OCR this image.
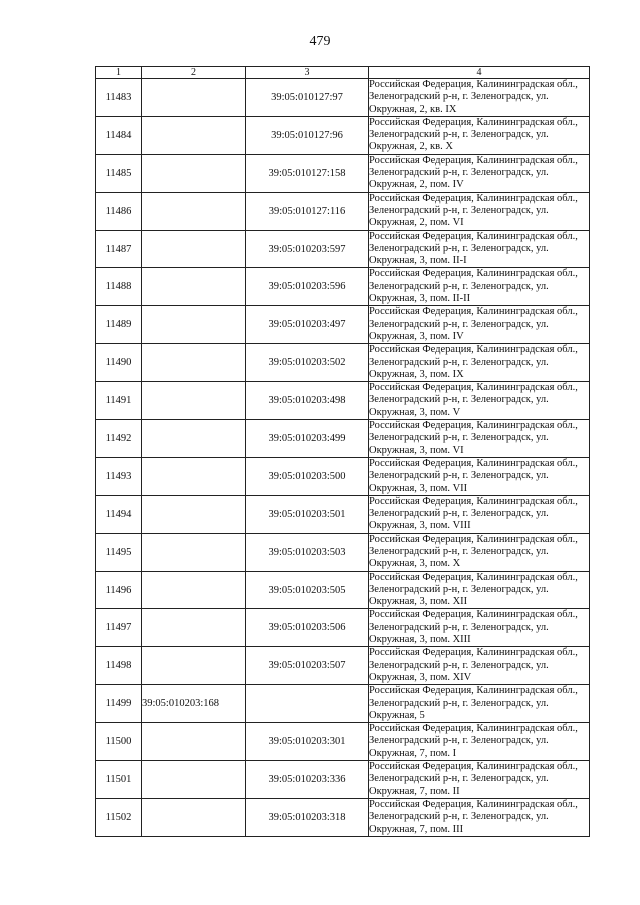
479
1	2	3	4
11483		39:05:010127:97	Российская Федерация, Калининградская обл.,
Зеленоградский р-н, г. Зеленоградск, ул.
Окружная, 2, кв. IX

11484		39:05:010127:96	Российская Федерация, Калининградская обл.,
Зеленоградский р-н, г. Зеленоградск, ул.
Окружная, 2, кв. X

11485		39:05:010127:158	Российская Федерация, Калининградская обл.,
Зеленоградский р-н, г. Зеленоградск, ул.
Окружная, 2, пом. IV

11486		39:05:010127:116	Российская Федерация, Калининградская обл.,
Зеленоградский р-н, г. Зеленоградск, ул.
Окружная, 2, пом. VI

11487		39:05:010203:597	Российская Федерация, Калининградская обл.,
Зеленоградский р-н, г. Зеленоградск, ул.
Окружная, 3, пом. II-I

11488		39:05:010203:596	Российская Федерация, Калининградская обл.,
Зеленоградский р-н, г. Зеленоградск, ул.
Окружная, 3, пом. II-II

11489		39:05:010203:497	Российская Федерация, Калининградская обл.,
Зеленоградский р-н, г. Зеленоградск, ул.
Окружная, 3, пом. IV

11490		39:05:010203:502	Российская Федерация, Калининградская обл.,
Зеленоградский р-н, г. Зеленоградск, ул.
Окружная, 3, пом. IX

11491		39:05:010203:498	Российская Федерация, Калининградская обл.,
Зеленоградский р-н, г. Зеленоградск, ул.
Окружная, 3, пом. V

11492		39:05:010203:499	Российская Федерация, Калининградская обл.,
Зеленоградский р-н, г. Зеленоградск, ул.
Окружная, 3, пом. VI

11493		39:05:010203:500	Российская Федерация, Калининградская обл.,
Зеленоградский р-н, г. Зеленоградск, ул.
Окружная, 3, пом. VII

11494		39:05:010203:501	Российская Федерация, Калининградская обл.,
Зеленоградский р-н, г. Зеленоградск, ул.
Окружная, 3, пом. VIII

11495		39:05:010203:503	Российская Федерация, Калининградская обл.,
Зеленоградский р-н, г. Зеленоградск, ул.
Окружная, 3, пом. X

11496		39:05:010203:505	Российская Федерация, Калининградская обл.,
Зеленоградский р-н, г. Зеленоградск, ул.
Окружная, 3, пом. XII

11497		39:05:010203:506	Российская Федерация, Калининградская обл.,
Зеленоградский р-н, г. Зеленоградск, ул.
Окружная, 3, пом. XIII

11498		39:05:010203:507	Российская Федерация, Калининградская обл.,
Зеленоградский р-н, г. Зеленоградск, ул.
Окружная, 3, пом. XIV

11499	39:05:010203:168		Российская Федерация, Калининградская обл.,
Зеленоградский р-н, г. Зеленоградск, ул.
Окружная, 5

11500		39:05:010203:301	Российская Федерация, Калининградская обл.,
Зеленоградский р-н, г. Зеленоградск, ул.
Окружная, 7, пом. I

11501		39:05:010203:336	Российская Федерация, Калининградская обл.,
Зеленоградский р-н, г. Зеленоградск, ул.
Окружная, 7, пом. II

11502		39:05:010203:318	Российская Федерация, Калининградская обл.,
Зеленоградский р-н, г. Зеленоградск, ул.
Окружная, 7, пом. III
